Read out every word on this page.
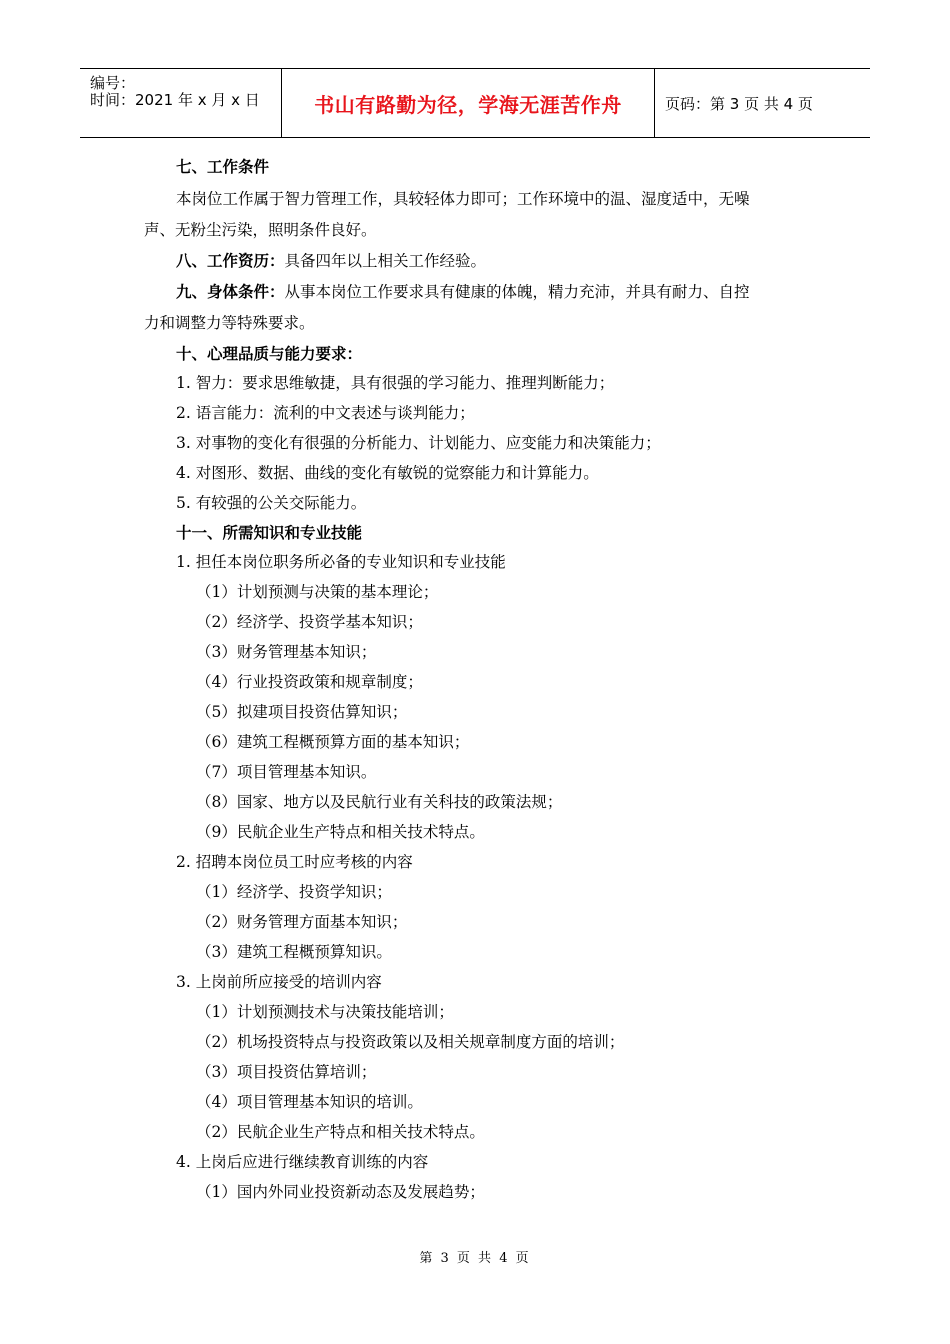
编号：
时间：2021 年 x 月 x 日	书山有路勤为径，学海无涯苦作舟	页码：第 3 页 共 4 页
七、工作条件
本岗位工作属于智力管理工作，具较轻体力即可；工作环境中的温、湿度适中，无噪
声、无粉尘污染，照明条件良好。
八、工作资历：具备四年以上相关工作经验。
九、身体条件：从事本岗位工作要求具有健康的体魄，精力充沛，并具有耐力、自控
力和调整力等特殊要求。
十、心理品质与能力要求：
1. 智力：要求思维敏捷，具有很强的学习能力、推理判断能力；
2. 语言能力：流利的中文表述与谈判能力；
3. 对事物的变化有很强的分析能力、计划能力、应变能力和决策能力；
4. 对图形、数据、曲线的变化有敏锐的觉察能力和计算能力。
5. 有较强的公关交际能力。
十一、所需知识和专业技能
1. 担任本岗位职务所必备的专业知识和专业技能
（1）计划预测与决策的基本理论；
（2）经济学、投资学基本知识；
（3）财务管理基本知识；
（4）行业投资政策和规章制度；
（5）拟建项目投资估算知识；
（6）建筑工程概预算方面的基本知识；
（7）项目管理基本知识。
（8）国家、地方以及民航行业有关科技的政策法规；
（9）民航企业生产特点和相关技术特点。
2. 招聘本岗位员工时应考核的内容
（1）经济学、投资学知识；
（2）财务管理方面基本知识；
（3）建筑工程概预算知识。
3. 上岗前所应接受的培训内容
（1）计划预测技术与决策技能培训；
（2）机场投资特点与投资政策以及相关规章制度方面的培训；
（3）项目投资估算培训；
（4）项目管理基本知识的培训。
（2）民航企业生产特点和相关技术特点。
4. 上岗后应进行继续教育训练的内容
（1）国内外同业投资新动态及发展趋势；
第 3 页 共 4 页
